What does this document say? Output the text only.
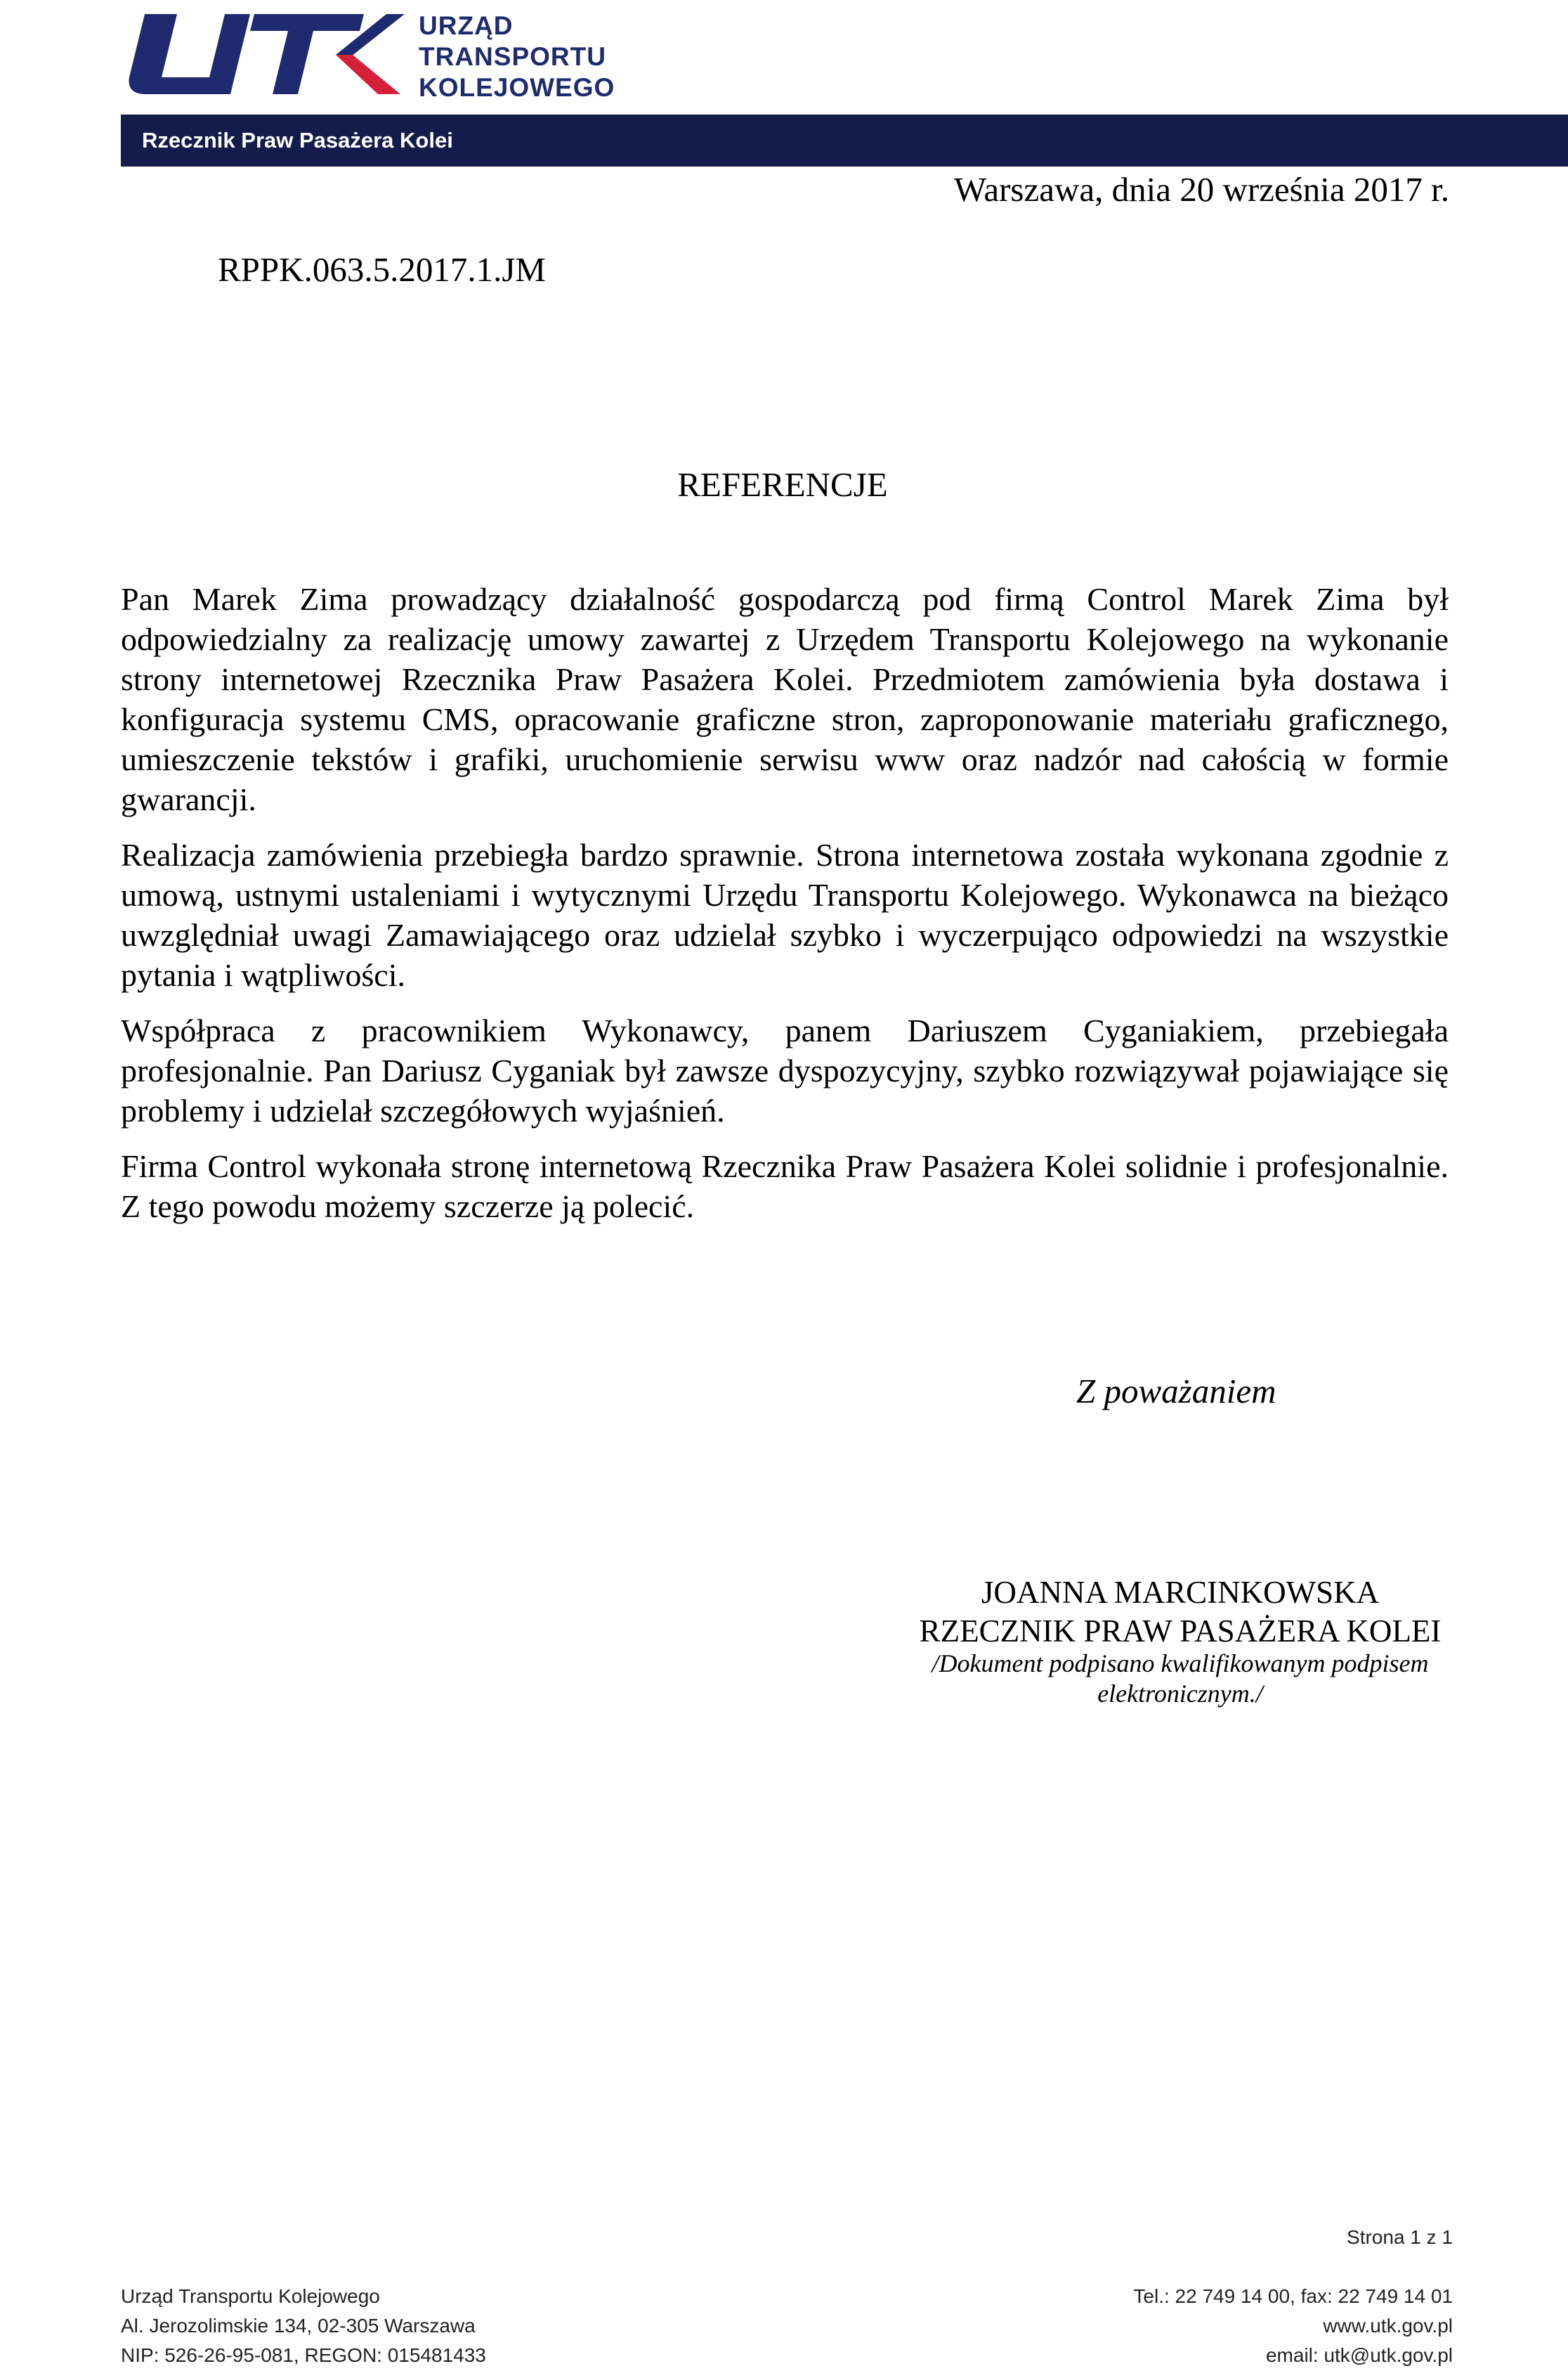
URZĄD
TRANSPORTU
KOLEJOWEGO
Rzecznik Praw Pasażera Kolei
Warszawa, dnia 20 września 2017 r.
RPPK.063.5.2017.1.JM
REFERENCJE

Pan Marek Zima prowadzący działalność gospodarczą pod firmą Control Marek Zima był odpowiedzialny za realizację umowy zawartej z Urzędem Transportu Kolejowego na wykonanie strony internetowej Rzecznika Praw Pasażera Kolei. Przedmiotem zamówienia była dostawa i konfiguracja systemu CMS, opracowanie graficzne stron, zaproponowanie materiału graficznego, umieszczenie tekstów i grafiki, uruchomienie serwisu www oraz nadzór nad całością w formie gwarancji.

Realizacja zamówienia przebiegła bardzo sprawnie. Strona internetowa została wykonana zgodnie z umową, ustnymi ustaleniami i wytycznymi Urzędu Transportu Kolejowego. Wykonawca na bieżąco uwzględniał uwagi Zamawiającego oraz udzielał szybko i wyczerpująco odpowiedzi na wszystkie pytania i wątpliwości.

Współpraca z pracownikiem Wykonawcy, panem Dariuszem Cyganiakiem, przebiegała profesjonalnie. Pan Dariusz Cyganiak był zawsze dyspozycyjny, szybko rozwiązywał pojawiające się problemy i udzielał szczegółowych wyjaśnień.

Firma Control wykonała stronę internetową Rzecznika Praw Pasażera Kolei solidnie i profesjonalnie. Z tego powodu możemy szczerze ją polecić.

Z poważaniem
JOANNA MARCINKOWSKA
RZECZNIK PRAW PASAŻERA KOLEI
/Dokument podpisano kwalifikowanym podpisem
elektronicznym./
Strona 1 z 1
Urząd Transportu Kolejowego
Al. Jerozolimskie 134, 02-305 Warszawa
NIP: 526-26-95-081, REGON: 015481433
Tel.: 22 749 14 00, fax: 22 749 14 01
www.utk.gov.pl
email: utk@utk.gov.pl
